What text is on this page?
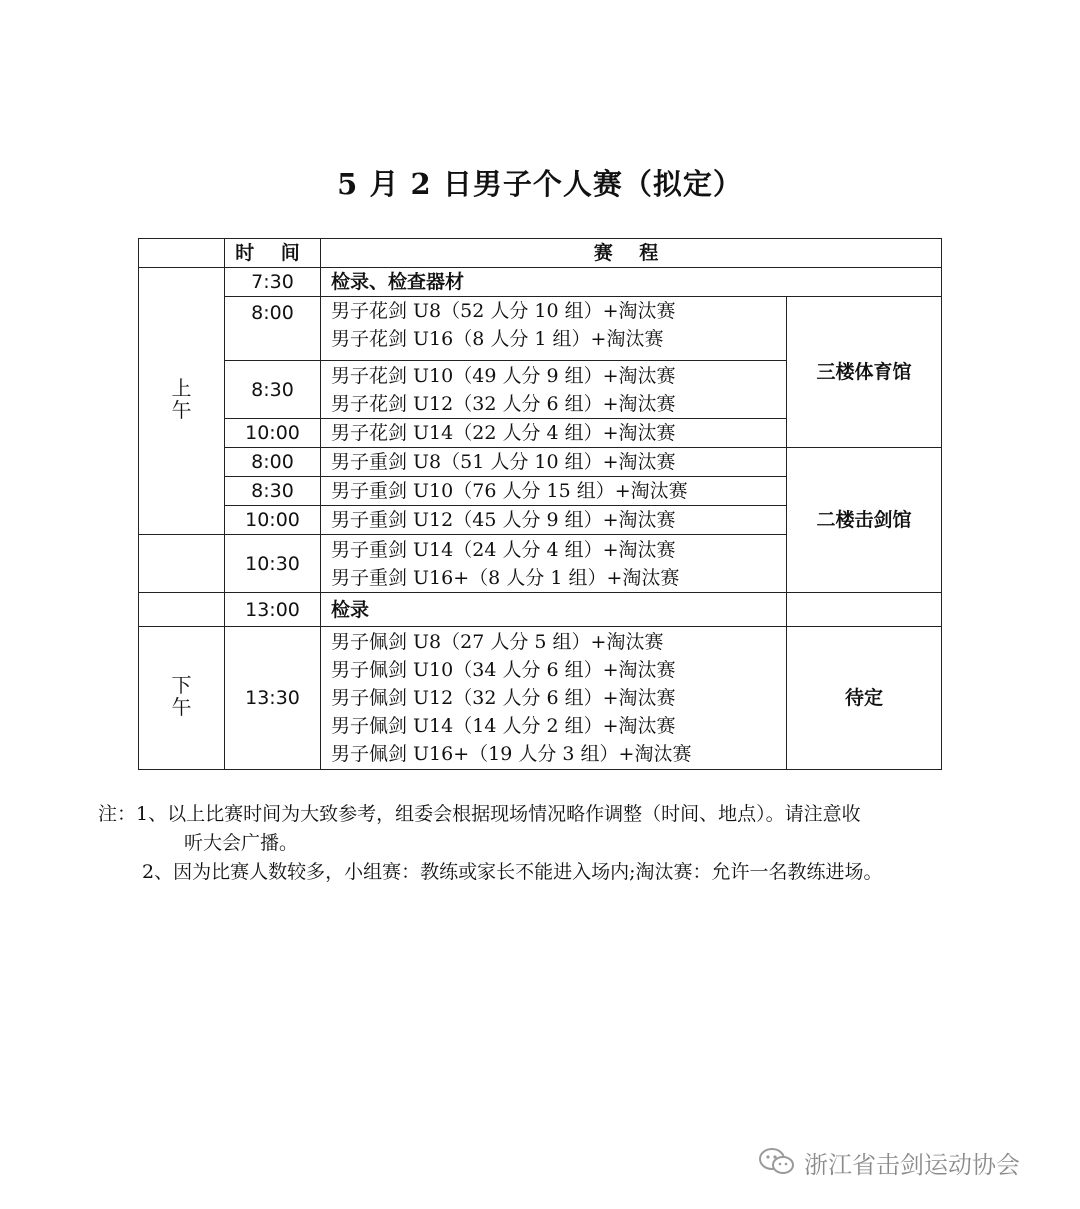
5 月 2 日男子个人赛（拟定）
	时 间	赛 程	
上午	7:30	检录、检查器材	

	8:00	男子花剑 U8（52 人分 10 组）+淘汰赛
男子花剑 U16（8 人分 1 组）+淘汰赛	三楼体育馆
	8:30	男子花剑 U10（49 人分 9 组）+淘汰赛
男子花剑 U12（32 人分 6 组）+淘汰赛	

	10:00	男子花剑 U14（22 人分 4 组）+淘汰赛	

	8:00	男子重剑 U8（51 人分 10 组）+淘汰赛	二楼击剑馆
	8:30	男子重剑 U10（76 人分 15 组）+淘汰赛	

	10:00	男子重剑 U12（45 人分 9 组）+淘汰赛	

	10:30	男子重剑 U14（24 人分 4 组）+淘汰赛
男子重剑 U16+（8 人分 1 组）+淘汰赛	

	13:00	检录	

下午	13:30	男子佩剑 U8（27 人分 5 组）+淘汰赛
男子佩剑 U10（34 人分 6 组）+淘汰赛
男子佩剑 U12（32 人分 6 组）+淘汰赛
男子佩剑 U14（14 人分 2 组）+淘汰赛
男子佩剑 U16+（19 人分 3 组）+淘汰赛	待定
注：1、以上比赛时间为大致参考，组委会根据现场情况略作调整（时间、地点）。请注意收
听大会广播。
2、因为比赛人数较多，小组赛：教练或家长不能进入场内;淘汰赛：允许一名教练进场。
浙江省击剑运动协会
